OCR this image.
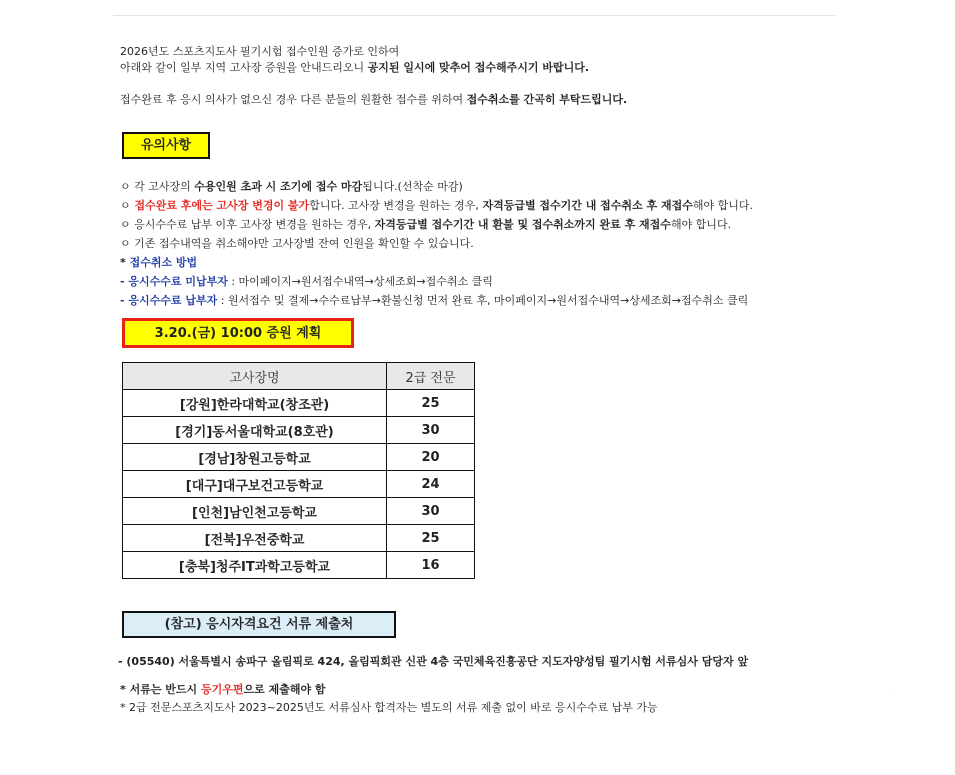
2026년도 스포츠지도사 필기시험 접수인원 증가로 인하여
아래와 같이 일부 지역 고사장 증원을 안내드리오니 공지된 일시에 맞추어 접수해주시기 바랍니다.
접수완료 후 응시 의사가 없으신 경우 다른 분들의 원활한 접수를 위하여 접수취소를 간곡히 부탁드립니다.
유의사항
ㅇ 각 고사장의 수용인원 초과 시 조기에 접수 마감됩니다.(선착순 마감)
ㅇ 접수완료 후에는 고사장 변경이 불가합니다. 고사장 변경을 원하는 경우, 자격등급별 접수기간 내 접수취소 후 재접수해야 합니다.
ㅇ 응시수수료 납부 이후 고사장 변경을 원하는 경우, 자격등급별 접수기간 내 환불 및 접수취소까지 완료 후 재접수해야 합니다.
ㅇ 기존 접수내역을 취소해야만 고사장별 잔여 인원을 확인할 수 있습니다.
* 접수취소 방법
- 응시수수료 미납부자 : 마이페이지→원서접수내역→상세조회→접수취소 클릭
- 응시수수료 납부자 : 원서접수 및 결제→수수료납부→환불신청 먼저 완료 후, 마이페이지→원서접수내역→상세조회→접수취소 클릭
3.20.(금) 10:00 증원 계획
고사장명	2급 전문
[강원]한라대학교(창조관)	25
[경기]동서울대학교(8호관)	30
[경남]창원고등학교	20
[대구]대구보건고등학교	24
[인천]남인천고등학교	30
[전북]우전중학교	25
[충북]청주IT과학고등학교	16
(참고) 응시자격요건 서류 제출처
- (05540) 서울특별시 송파구 올림픽로 424, 올림픽회관 신관 4층 국민체육진흥공단 지도자양성팀 필기시험 서류심사 담당자 앞
* 서류는 반드시 등기우편으로 제출해야 함
* 2급 전문스포츠지도사 2023~2025년도 서류심사 합격자는 별도의 서류 제출 없이 바로 응시수수료 납부 가능
·
